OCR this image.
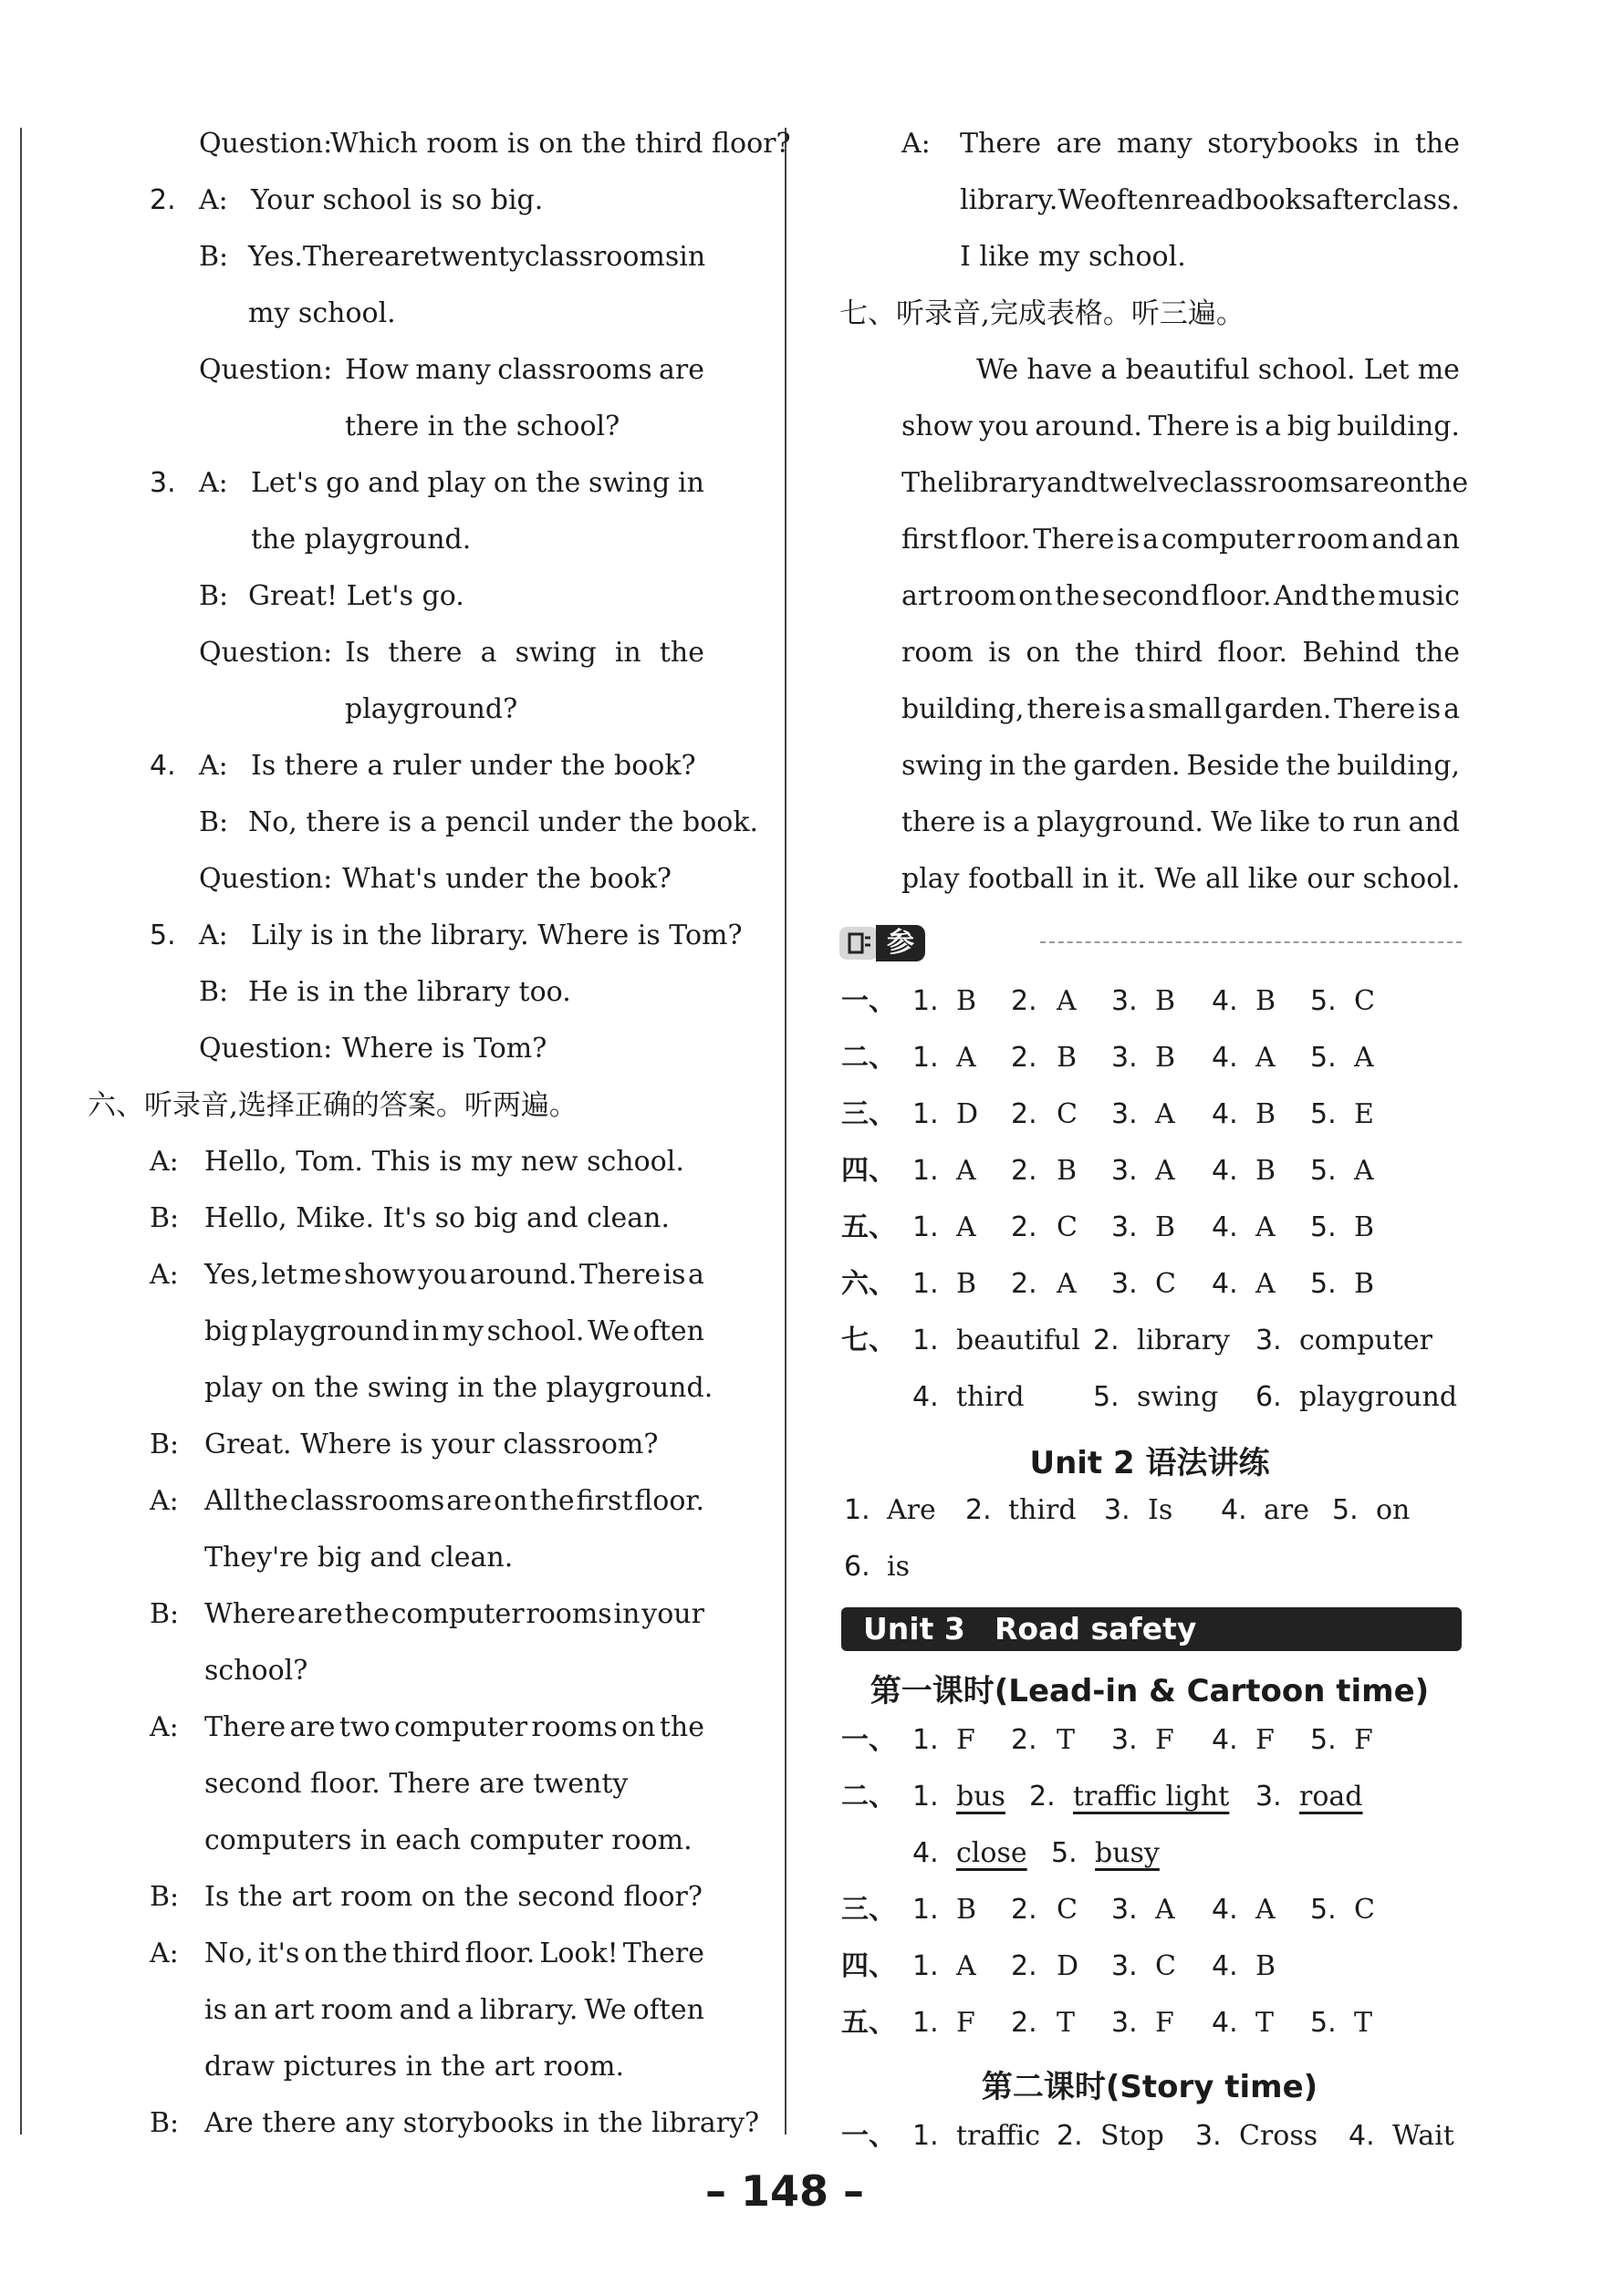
Question:
Which room is on the third floor?
2. A: Your school is so big.
B: Yes. There are twenty classrooms in
my school.
Question: How many classrooms are
there in the school?
3. A: Let's go and play on the swing in
the playground.
B: Great! Let's go.
Question: Is there a swing in the
playground?
4. A: Is there a ruler under the book?
B: No, there is a pencil under the book.
Question: What's under the book?
5. A: Lily is in the library. Where is Tom?
B: He is in the library too.
Question: Where is Tom?
六、听录音,选择正确的答案。听两遍。
A: Hello, Tom. This is my new school.
B: Hello, Mike. It's so big and clean.
A: Yes, let me show you around. There is a
big playground in my school. We often
play on the swing in the playground.
B: Great. Where is your classroom?
A: All the classrooms are on the first floor.
They're big and clean.
B: Where are the computer rooms in your
school?
A: There are two computer rooms on the
second floor. There are twenty
computers in each computer room.
B: Is the art room on the second floor?
A: No, it's on the third floor. Look! There
is an art room and a library. We often
draw pictures in the art room.
B: Are there any storybooks in the library?
A: There are many storybooks in the
library. We often read books after class.
I like my school.
七、听录音,完成表格。听三遍。
We have a beautiful school. Let me
show you around. There is a big building.
The library and twelve classrooms are on the
first floor. There is a computer room and an
art room on the second floor. And the music
room is on the third floor. Behind the
building, there is a small garden. There is a
swing in the garden. Beside the building,
there is a playground. We like to run and
play football in it. We all like our school.
参考答案
一、 1. B 2. A 3. B 4. B 5. C
二、 1. A 2. B 3. B 4. A 5. A
三、 1. D 2. C 3. A 4. B 5. E
四、 1. A 2. B 3. A 4. B 5. A
五、 1. A 2. C 3. B 4. A 5. B
六、 1. B 2. A 3. C 4. A 5. B
七、 1. beautiful 2. library 3. computer
4. third	5. swing 6. playground
Unit 2 语法讲练
1. Are 2. third 3. Is 4. are 5. on
6. is
Unit 3 Road safety
第一课时(Lead-in & Cartoon time)
一、 1. F 2. T 3. F 4. F 5. F
二、 1. bus 2. traffic light 3. road
4. close 5. busy
三、 1. B 2. C 3. A 4. A 5. C
四、 1. A 2. D 3. C 4. B
五、 1. F 2. T 3. F 4. T 5. T
第二课时(Story time)
一、 1. traffic 2. Stop 3. Cross 4. Wait
– 148 –
